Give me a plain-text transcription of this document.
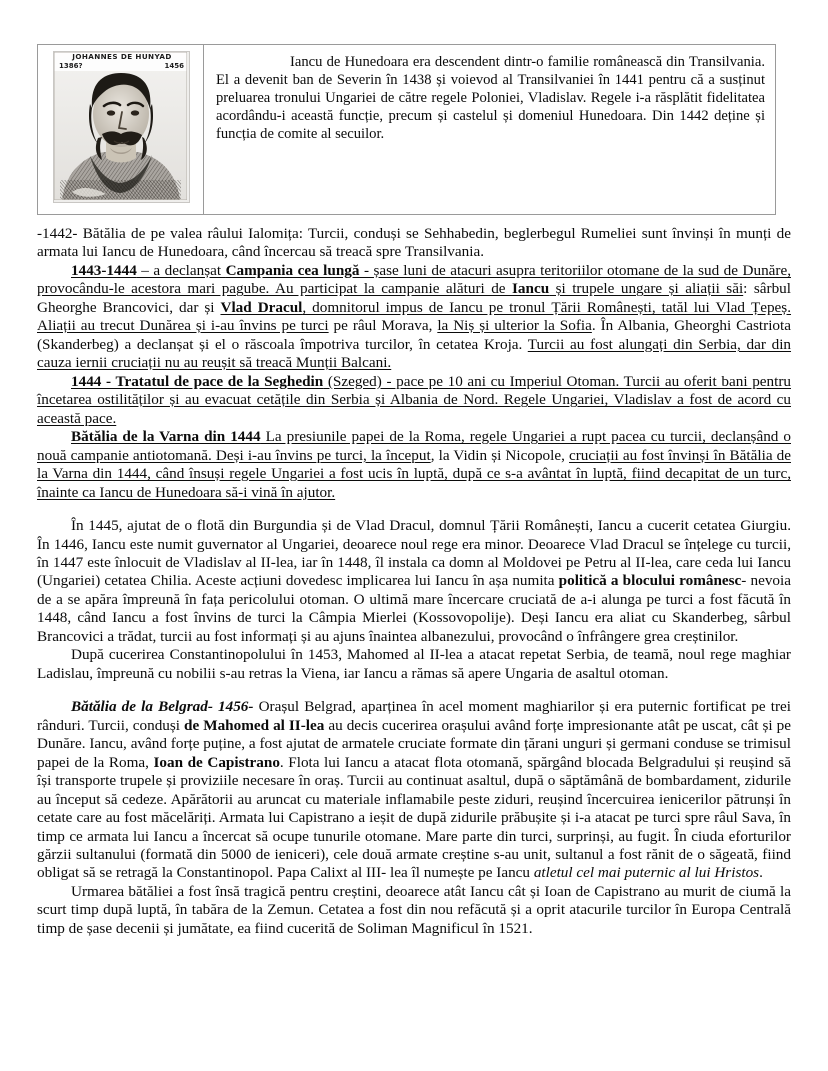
JOHANNES DE HUNYAD
1386?	1456	Iancu de Hunedoara era descendent dintr-o familie românească din Transilvania. El a devenit ban de Severin în 1438 și voievod al Transilvaniei în 1441 pentru că a susținut preluarea tronului Ungariei de către regele Poloniei, Vladislav. Regele i-a răsplătit fidelitatea acordându-i această funcție, precum și castelul și domeniul Hunedoara. Din 1442 deține și funcția de comite al secuilor.

-1442- Bătălia de pe valea râului Ialomița: Turcii, conduși se Sehhabedin, beglerbegul Rumeliei sunt învinși în munți de armata lui Iancu de Hunedoara, când încercau să treacă spre Transilvania.

1443-1444 – a declanșat Campania cea lungă - șase luni de atacuri asupra teritoriilor otomane de la sud de Dunăre, provocându-le acestora mari pagube. Au participat la campanie alături de Iancu și trupele ungare și aliații săi: sârbul Gheorghe Brancovici, dar și Vlad Dracul, domnitorul impus de Iancu pe tronul Țării Românești, tatăl lui Vlad Țepeș. Aliații au trecut Dunărea și i-au învins pe turci pe râul Morava, la Niș și ulterior la Sofia. În Albania, Gheorghi Castriota (Skanderbeg) a declanșat și el o răscoala împotriva turcilor, în cetatea Kroja. Turcii au fost alungați din Serbia, dar din cauza iernii cruciații nu au reușit să treacă Munții Balcani.

1444 - Tratatul de pace de la Seghedin (Szeged) - pace pe 10 ani cu Imperiul Otoman. Turcii au oferit bani pentru încetarea ostilităților și au evacuat cetățile din Serbia și Albania de Nord. Regele Ungariei, Vladislav a fost de acord cu această pace.

Bătălia de la Varna din 1444 La presiunile papei de la Roma, regele Ungariei a rupt pacea cu turcii, declanșând o nouă campanie antiotomană. Deși i-au învins pe turci, la început, la Vidin și Nicopole, cruciații au fost învinși în Bătălia de la Varna din 1444, când însuși regele Ungariei a fost ucis în luptă, după ce s-a avântat în luptă, fiind decapitat de un turc, înainte ca Iancu de Hunedoara să-i vină în ajutor.

În 1445, ajutat de o flotă din Burgundia și de Vlad Dracul, domnul Țării Românești, Iancu a cucerit cetatea Giurgiu. În 1446, Iancu este numit guvernator al Ungariei, deoarece noul rege era minor. Deoarece Vlad Dracul se înțelege cu turcii, în 1447 este înlocuit de Vladislav al II-lea, iar în 1448, îl instala ca domn al Moldovei pe Petru al II-lea, care ceda lui Iancu (Ungariei) cetatea Chilia. Aceste acțiuni dovedesc implicarea lui Iancu în așa numita politică a blocului românesc- nevoia de a se apăra împreună în fața pericolului otoman. O ultimă mare încercare cruciată de a-i alunga pe turci a fost făcută în 1448, când Iancu a fost învins de turci la Câmpia Mierlei (Kossovopolije). Deși Iancu era aliat cu Skanderbeg, sârbul Brancovici a trădat, turcii au fost informați și au ajuns înaintea albanezului, provocând o înfrângere grea creștinilor.

După cucerirea Constantinopolului în 1453, Mahomed al II-lea a atacat repetat Serbia, de teamă, noul rege maghiar Ladislau, împreună cu nobilii s-au retras la Viena, iar Iancu a rămas să apere Ungaria de asaltul otoman.

Bătălia de la Belgrad- 1456- Orașul Belgrad, aparținea în acel moment maghiarilor și era puternic fortificat pe trei rânduri. Turcii, conduși de Mahomed al II-lea au decis cucerirea orașului având forțe impresionante atât pe uscat, cât și pe Dunăre. Iancu, având forțe puține, a fost ajutat de armatele cruciate formate din țărani unguri și germani conduse se trimisul papei de la Roma, Ioan de Capistrano. Flota lui Iancu a atacat flota otomană, spărgând blocada Belgradului și reușind să își transporte trupele și proviziile necesare în oraș. Turcii au continuat asaltul, după o săptămână de bombardament, zidurile au început să cedeze. Apărătorii au aruncat cu materiale inflamabile peste ziduri, reușind încercuirea ienicerilor pătrunși în cetate care au fost măcelăriți. Armata lui Capistrano a ieșit de după zidurile prăbușite și i-a atacat pe turci spre râul Sava, în timp ce armata lui Iancu a încercat să ocupe tunurile otomane. Mare parte din turci, surprinși, au fugit. În ciuda eforturilor gărzii sultanului (formată din 5000 de ieniceri), cele două armate creștine s-au unit, sultanul a fost rănit de o săgeată, fiind obligat să se retragă la Constantinopol. Papa Calixt al III- lea îl numește pe Iancu atletul cel mai puternic al lui Hristos.

Urmarea bătăliei a fost însă tragică pentru creștini, deoarece atât Iancu cât și Ioan de Capistrano au murit de ciumă la scurt timp după luptă, în tabăra de la Zemun. Cetatea a fost din nou refăcută și a oprit atacurile turcilor în Europa Centrală timp de șase decenii și jumătate, ea fiind cucerită de Soliman Magnificul în 1521.
